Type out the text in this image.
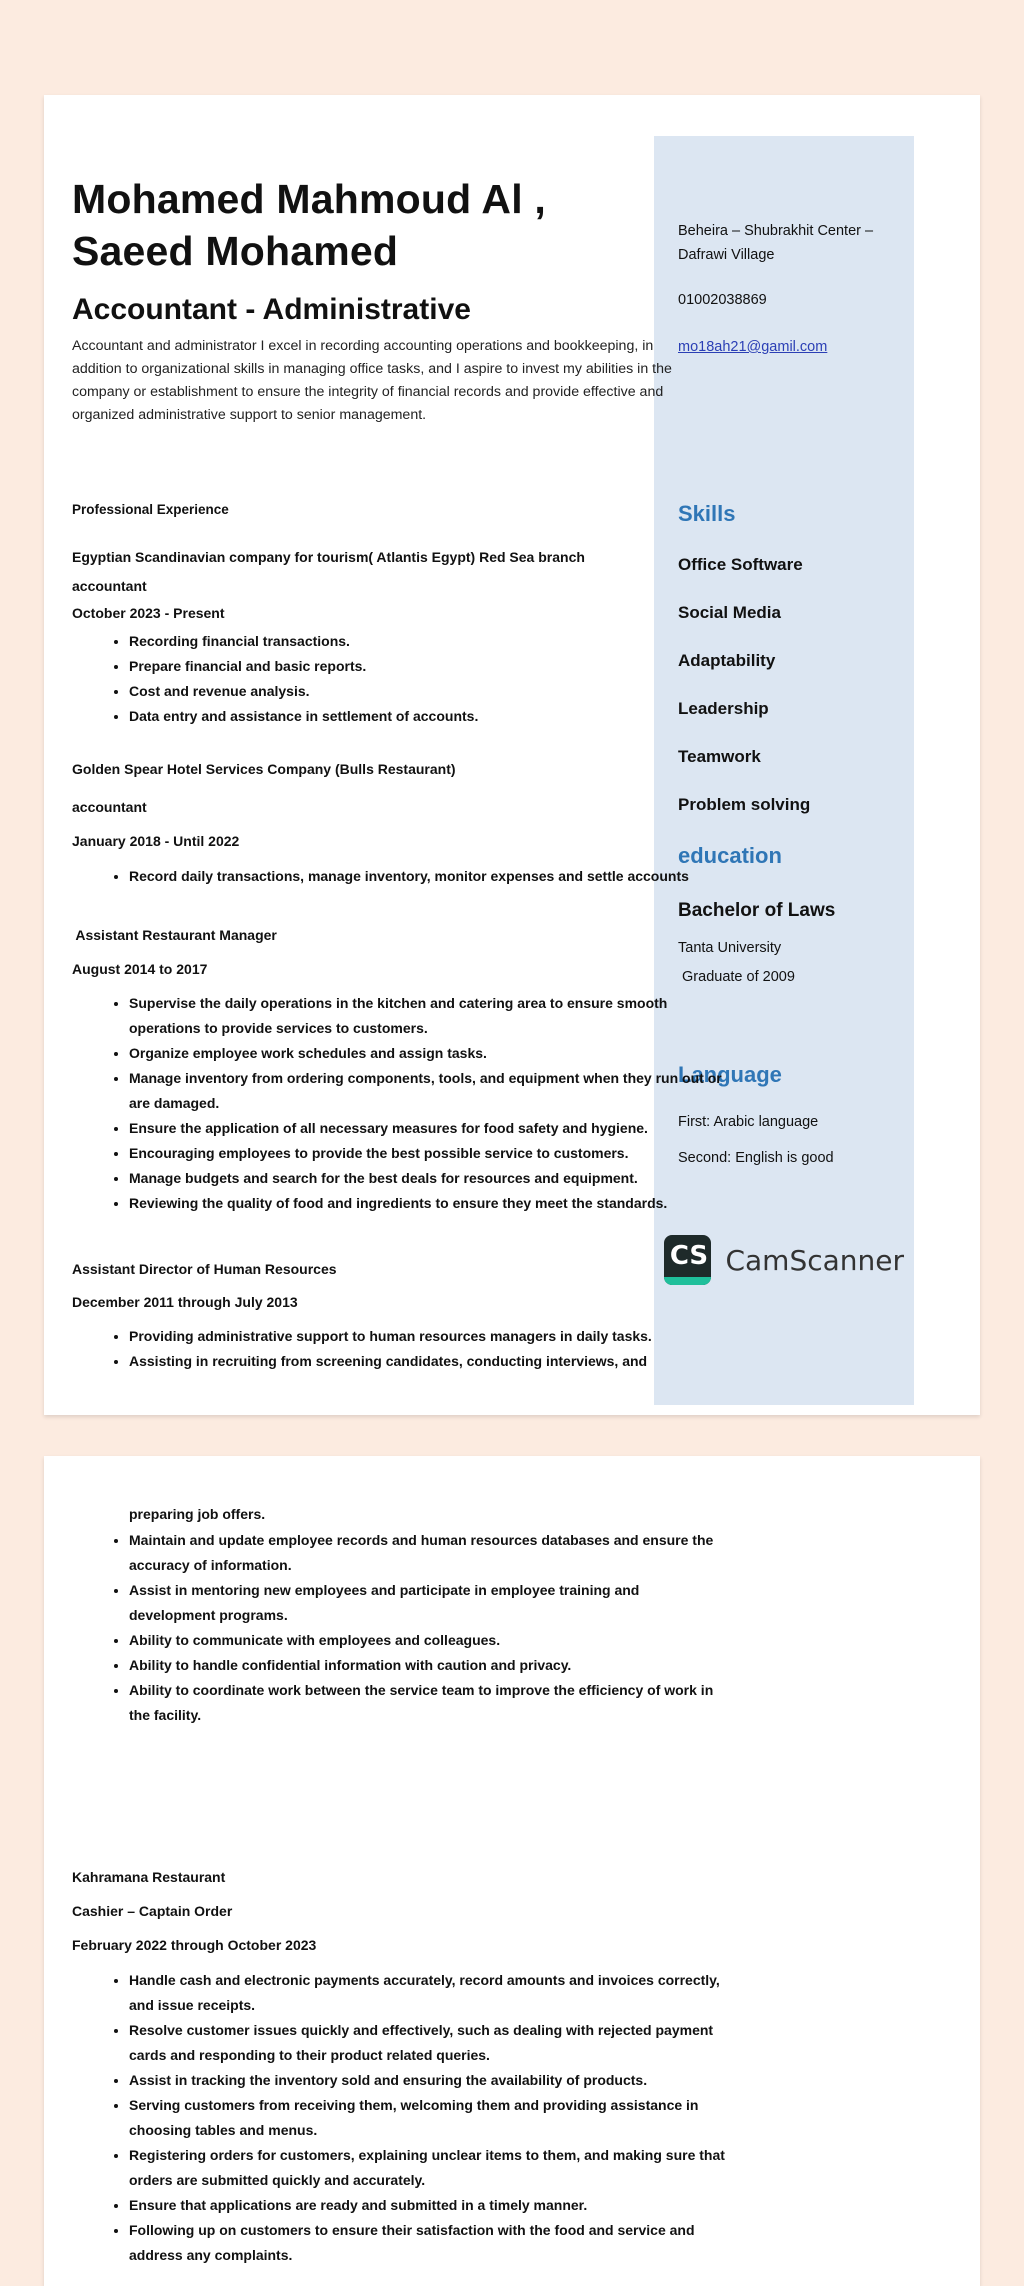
Beheira – Shubrakhit Center – Dafrawi Village
01002038869
mo18ah21@gamil.com
Skills
Office Software
Social Media
Adaptability
Leadership
Teamwork
Problem solving
education
Bachelor of Laws
Tanta University
Graduate of 2009
Language
First: Arabic language
Second: English is good
Mohamed Mahmoud Al ,
Saeed Mohamed
Accountant - Administrative

Accountant and administrator I excel in recording accounting operations and bookkeeping, in addition to organizational skills in managing office tasks, and I aspire to invest my abilities in the company or establishment to ensure the integrity of financial records and provide effective and organized administrative support to senior management.

Professional Experience
Egyptian Scandinavian company for tourism( Atlantis Egypt) Red Sea branch
accountant
October 2023 - Present
• Recording financial transactions.
• Prepare financial and basic reports.
• Cost and revenue analysis.
• Data entry and assistance in settlement of accounts.
Golden Spear Hotel Services Company (Bulls Restaurant)
accountant
January 2018 - Until 2022
• Record daily transactions, manage inventory, monitor expenses and settle accounts
Assistant Restaurant Manager
August 2014 to 2017
• Supervise the daily operations in the kitchen and catering area to ensure smooth operations to provide services to customers.
• Organize employee work schedules and assign tasks.
• Manage inventory from ordering components, tools, and equipment when they run out or are damaged.
• Ensure the application of all necessary measures for food safety and hygiene.
• Encouraging employees to provide the best possible service to customers.
• Manage budgets and search for the best deals for resources and equipment.
• Reviewing the quality of food and ingredients to ensure they meet the standards.
Assistant Director of Human Resources
December 2011 through July 2013
• Providing administrative support to human resources managers in daily tasks.
• Assisting in recruiting from screening candidates, conducting interviews, and
CS CamScanner
preparing job offers.
• Maintain and update employee records and human resources databases and ensure the accuracy of information.
• Assist in mentoring new employees and participate in employee training and development programs.
• Ability to communicate with employees and colleagues.
• Ability to handle confidential information with caution and privacy.
• Ability to coordinate work between the service team to improve the efficiency of work in the facility.
Kahramana Restaurant
Cashier – Captain Order
February 2022 through October 2023
• Handle cash and electronic payments accurately, record amounts and invoices correctly, and issue receipts.
• Resolve customer issues quickly and effectively, such as dealing with rejected payment cards and responding to their product related queries.
• Assist in tracking the inventory sold and ensuring the availability of products.
• Serving customers from receiving them, welcoming them and providing assistance in choosing tables and menus.
• Registering orders for customers, explaining unclear items to them, and making sure that orders are submitted quickly and accurately.
• Ensure that applications are ready and submitted in a timely manner.
• Following up on customers to ensure their satisfaction with the food and service and address any complaints.
